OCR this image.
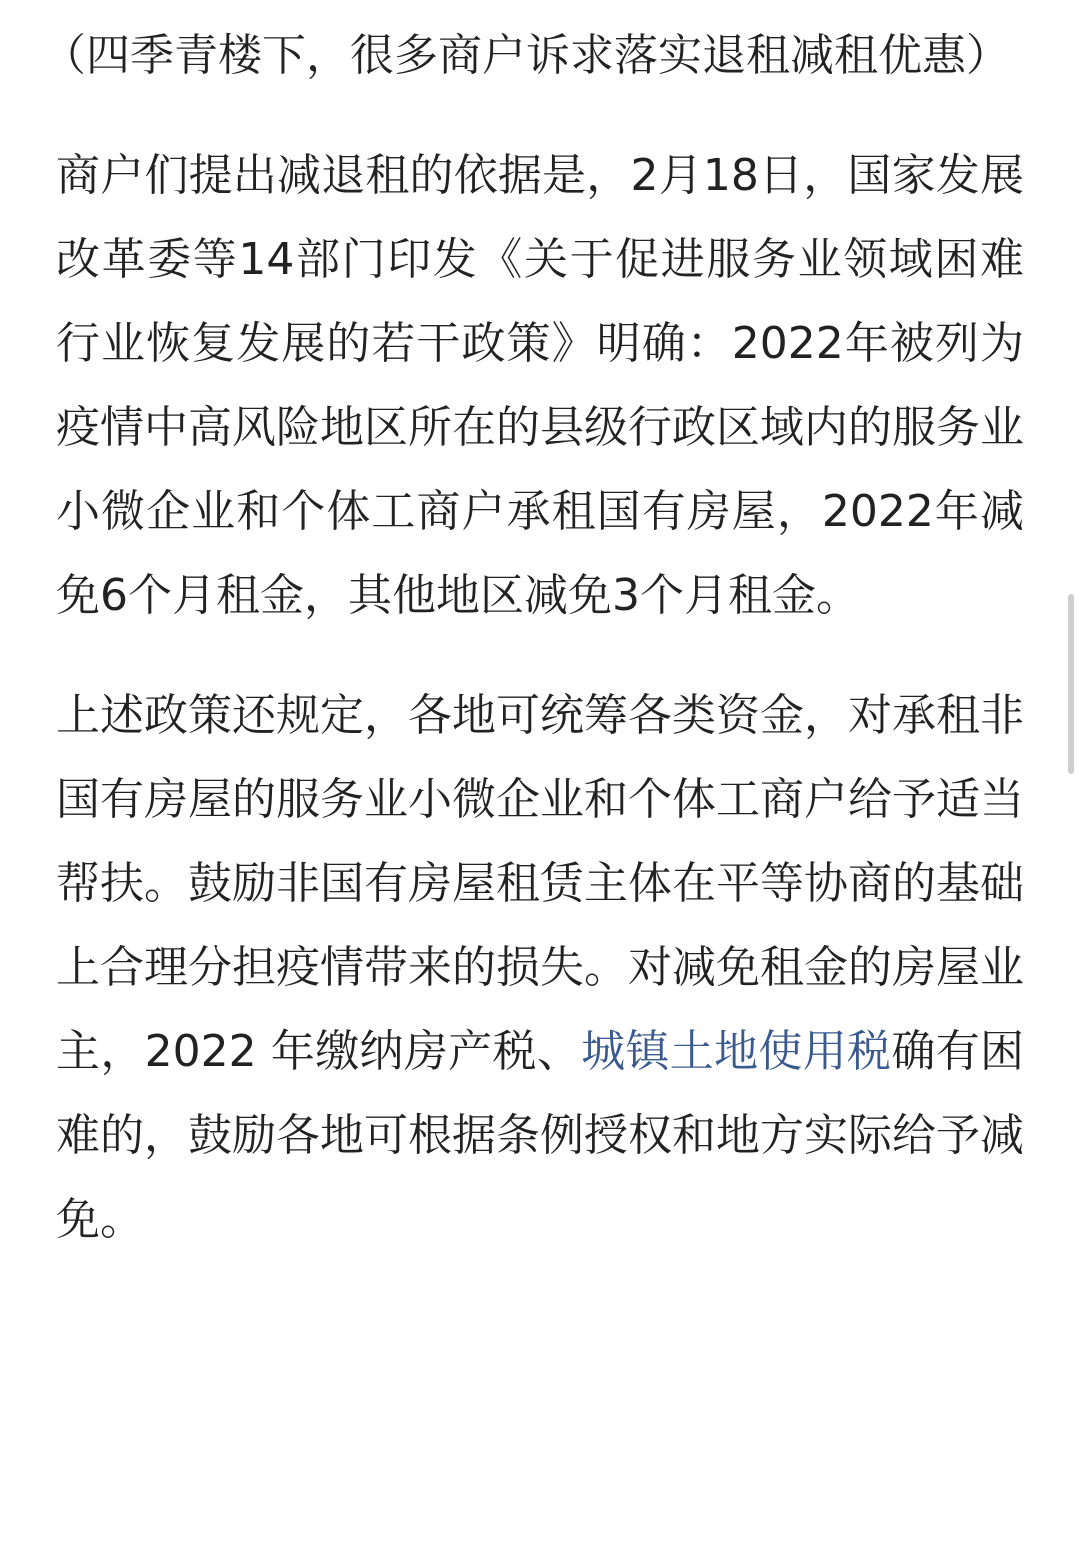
（四季青楼下，很多商户诉求落实退租减租优惠）

商户们提出减退租的依据是，2月18日，国家发展改革委等14部门印发《关于促进服务业领域困难行业恢复发展的若干政策》明确：2022年被列为疫情中高风险地区所在的县级行政区域内的服务业小微企业和个体工商户承租国有房屋，2022年减免6个月租金，其他地区减免3个月租金。

上述政策还规定，各地可统筹各类资金，对承租非国有房屋的服务业小微企业和个体工商户给予适当帮扶。鼓励非国有房屋租赁主体在平等协商的基础上合理分担疫情带来的损失。对减免租金的房屋业主，2022 年缴纳房产税、城镇土地使用税确有困难的，鼓励各地可根据条例授权和地方实际给予减免。
